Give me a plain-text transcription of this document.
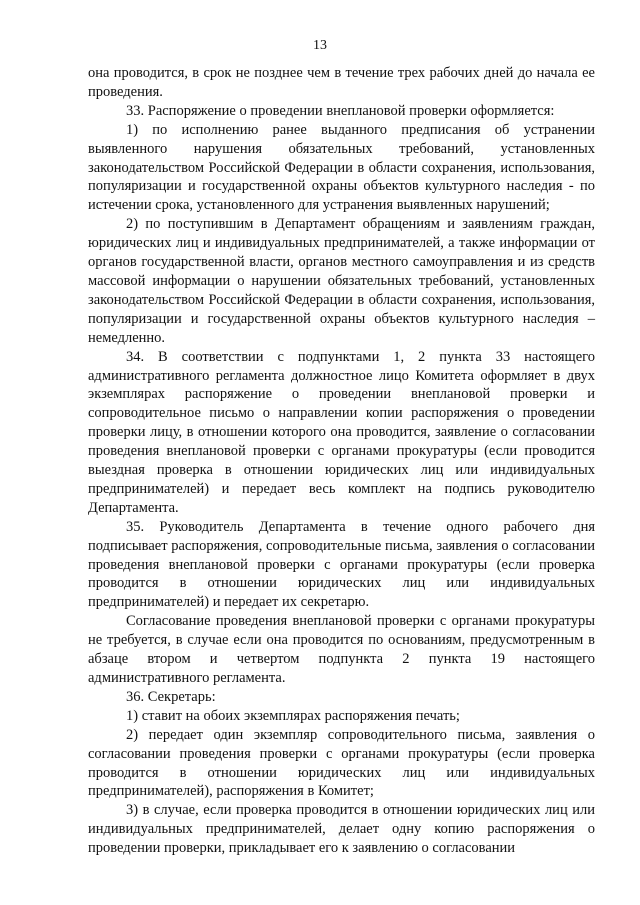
13

она проводится, в срок не позднее чем в течение трех рабочих дней до начала ее проведения.

33. Распоряжение о проведении внеплановой проверки оформляется:

1) по исполнению ранее выданного предписания об устранении выявленного нарушения обязательных требований, установленных законодательством Российской Федерации в области сохранения, использования, популяризации и государственной охраны объектов культурного наследия - по истечении срока, установленного для устранения выявленных нарушений;

2) по поступившим в Департамент обращениям и заявлениям граждан, юридических лиц и индивидуальных предпринимателей, а также информации от органов государственной власти, органов местного самоуправления и из средств массовой информации о нарушении обязательных требований, установленных законодательством Российской Федерации в области сохранения, использования, популяризации и государственной охраны объектов культурного наследия – немедленно.

34. В соответствии с подпунктами 1, 2 пункта 33 настоящего административного регламента должностное лицо Комитета оформляет в двух экземплярах распоряжение о проведении внеплановой проверки и сопроводительное письмо о направлении копии распоряжения о проведении проверки лицу, в отношении которого она проводится, заявление о согласовании проведения внеплановой проверки с органами прокуратуры (если проводится выездная проверка в отношении юридических лиц или индивидуальных предпринимателей) и передает весь комплект на подпись руководителю Департамента.

35. Руководитель Департамента в течение одного рабочего дня подписывает распоряжения, сопроводительные письма, заявления о согласовании проведения внеплановой проверки с органами прокуратуры (если проверка проводится в отношении юридических лиц или индивидуальных предпринимателей) и передает их секретарю.

Согласование проведения внеплановой проверки с органами прокуратуры не требуется, в случае если она проводится по основаниям, предусмотренным в абзаце втором и четвертом подпункта 2 пункта 19 настоящего административного регламента.

36. Секретарь:

1) ставит на обоих экземплярах распоряжения печать;

2) передает один экземпляр сопроводительного письма, заявления о согласовании проведения проверки с органами прокуратуры (если проверка проводится в отношении юридических лиц или индивидуальных предпринимателей), распоряжения в Комитет;

3) в случае, если проверка проводится в отношении юридических лиц или индивидуальных предпринимателей, делает одну копию распоряжения о проведении проверки, прикладывает его к заявлению о согласовании
